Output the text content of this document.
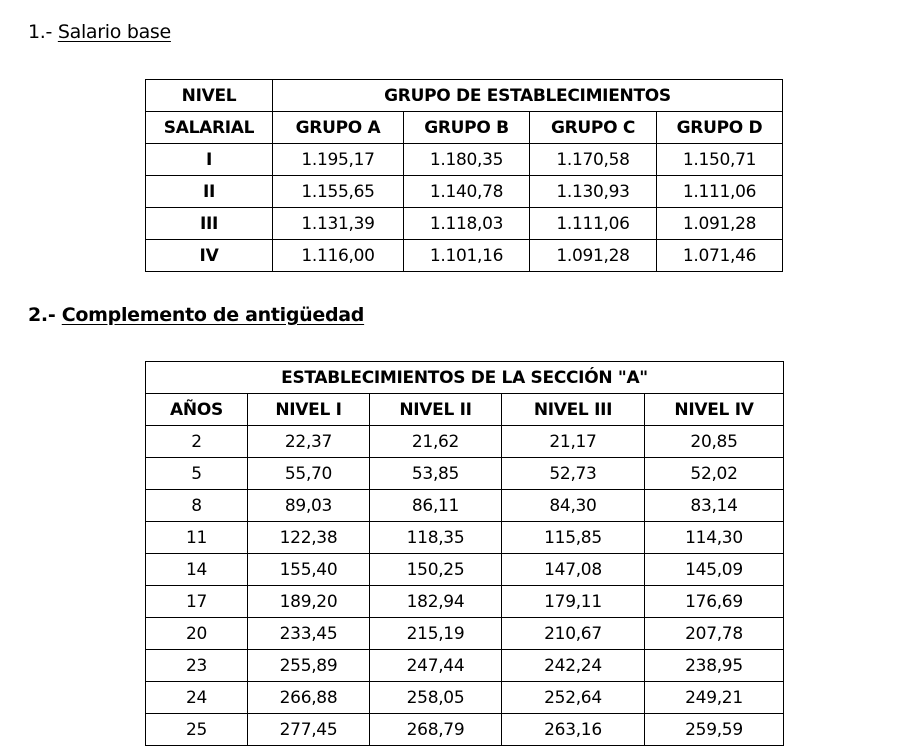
1.- Salario base
NIVEL	GRUPO DE ESTABLECIMIENTOS			
SALARIAL	GRUPO A	GRUPO B	GRUPO C	GRUPO D
I	1.195,17	1.180,35	1.170,58	1.150,71
II	1.155,65	1.140,78	1.130,93	1.111,06
III	1.131,39	1.118,03	1.111,06	1.091,28
IV	1.116,00	1.101,16	1.091,28	1.071,46
2.- Complemento de antigüedad
ESTABLECIMIENTOS DE LA SECCIÓN "A"				
AÑOS	NIVEL I	NIVEL II	NIVEL III	NIVEL IV
2	22,37	21,62	21,17	20,85
5	55,70	53,85	52,73	52,02
8	89,03	86,11	84,30	83,14
11	122,38	118,35	115,85	114,30
14	155,40	150,25	147,08	145,09
17	189,20	182,94	179,11	176,69
20	233,45	215,19	210,67	207,78
23	255,89	247,44	242,24	238,95
24	266,88	258,05	252,64	249,21
25	277,45	268,79	263,16	259,59
